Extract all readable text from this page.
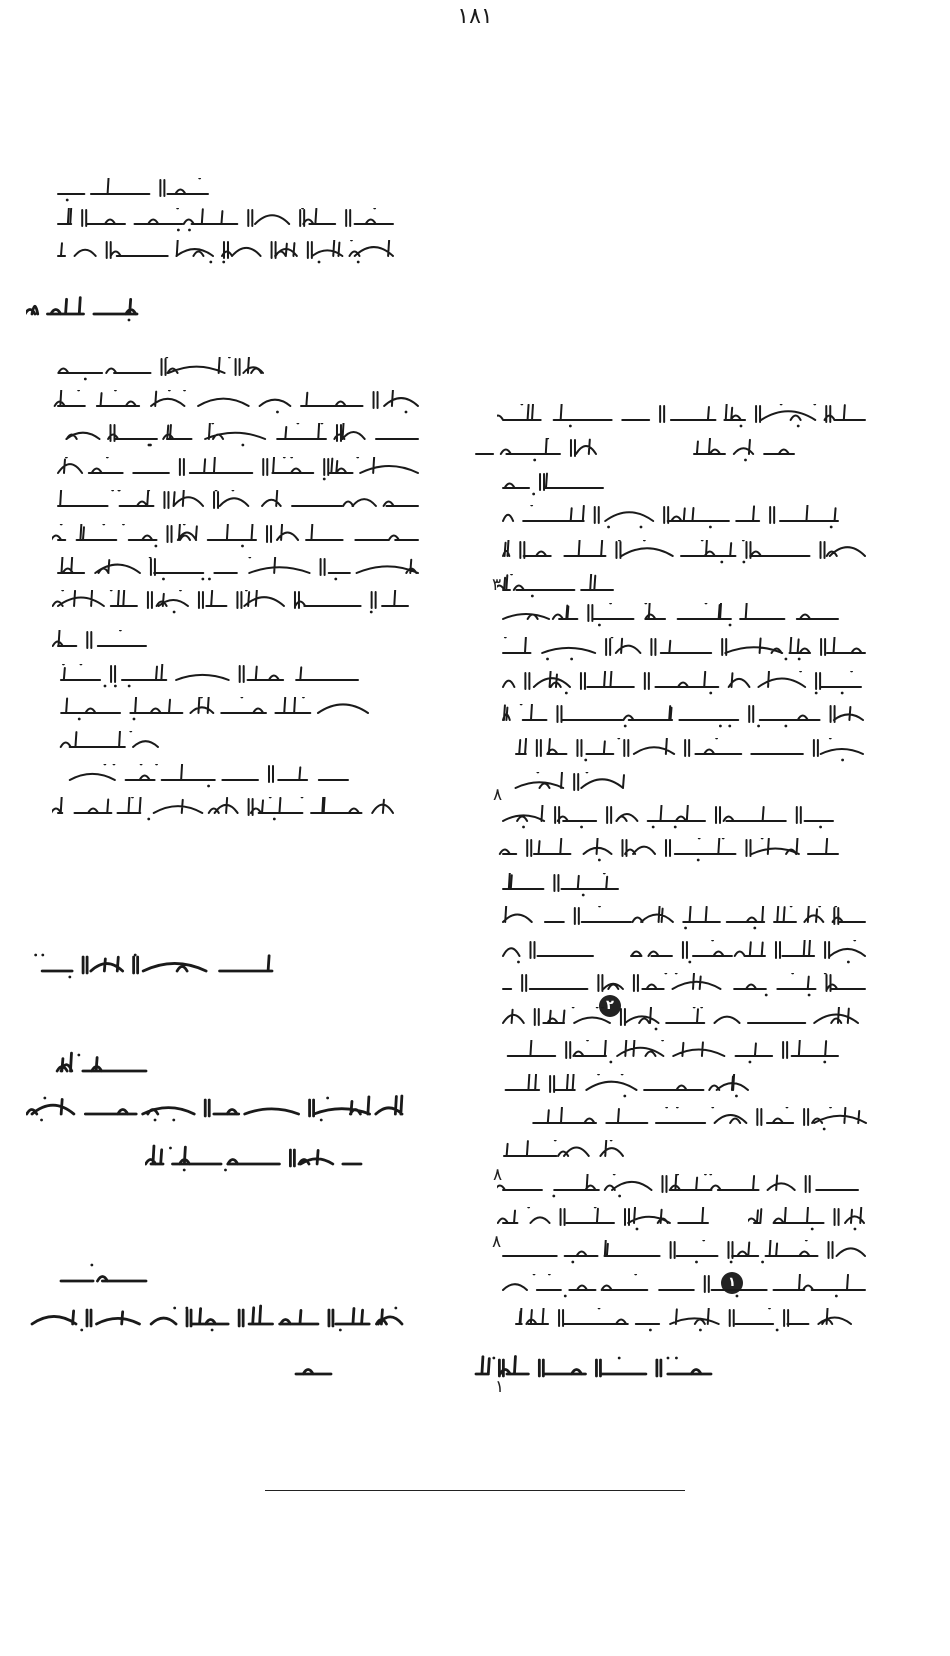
۱۸۱
۳
۸
۸
۸
۱
۲
۱
